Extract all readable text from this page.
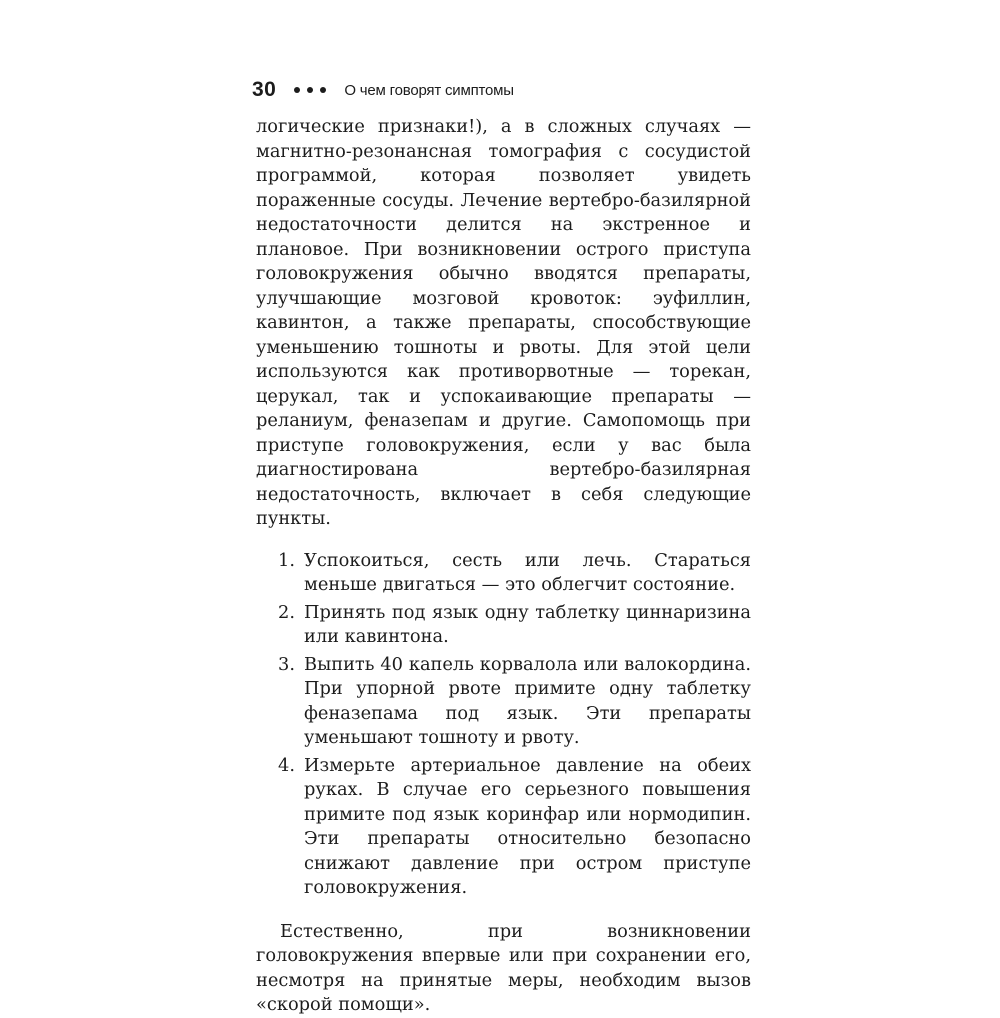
30	О чем говорят симптомы

логические признаки!), а в сложных случаях — магнитно-резонансная томография с сосудистой программой, которая позволяет увидеть пораженные сосуды. Лечение вертебро-базилярной недостаточности делится на экстренное и плановое. При возникновении острого приступа головокружения обычно вводятся препараты, улучшающие мозговой кровоток: эуфиллин, кавинтон, а также препараты, способствующие уменьшению тошноты и рвоты. Для этой цели используются как противорвотные — торекан, церукал, так и успокаивающие препараты — реланиум, феназепам и другие. Самопомощь при приступе головокружения, если у вас была диагностирована вертебро-базилярная недостаточность, включает в себя следующие пункты.

1. Успокоиться, сесть или лечь. Стараться меньше двигаться — это облегчит состояние.
2. Принять под язык одну таблетку циннаризина или кавинтона.
3. Выпить 40 капель корвалола или валокордина. При упорной рвоте примите одну таблетку феназепама под язык. Эти препараты уменьшают тошноту и рвоту.
4. Измерьте артериальное давление на обеих руках. В случае его серьезного повышения примите под язык коринфар или нормодипин. Эти препараты относительно безопасно снижают давление при остром приступе головокружения.

Естественно, при возникновении головокружения впервые или при сохранении его, несмотря на принятые меры, необходим вызов «скорой помощи».
